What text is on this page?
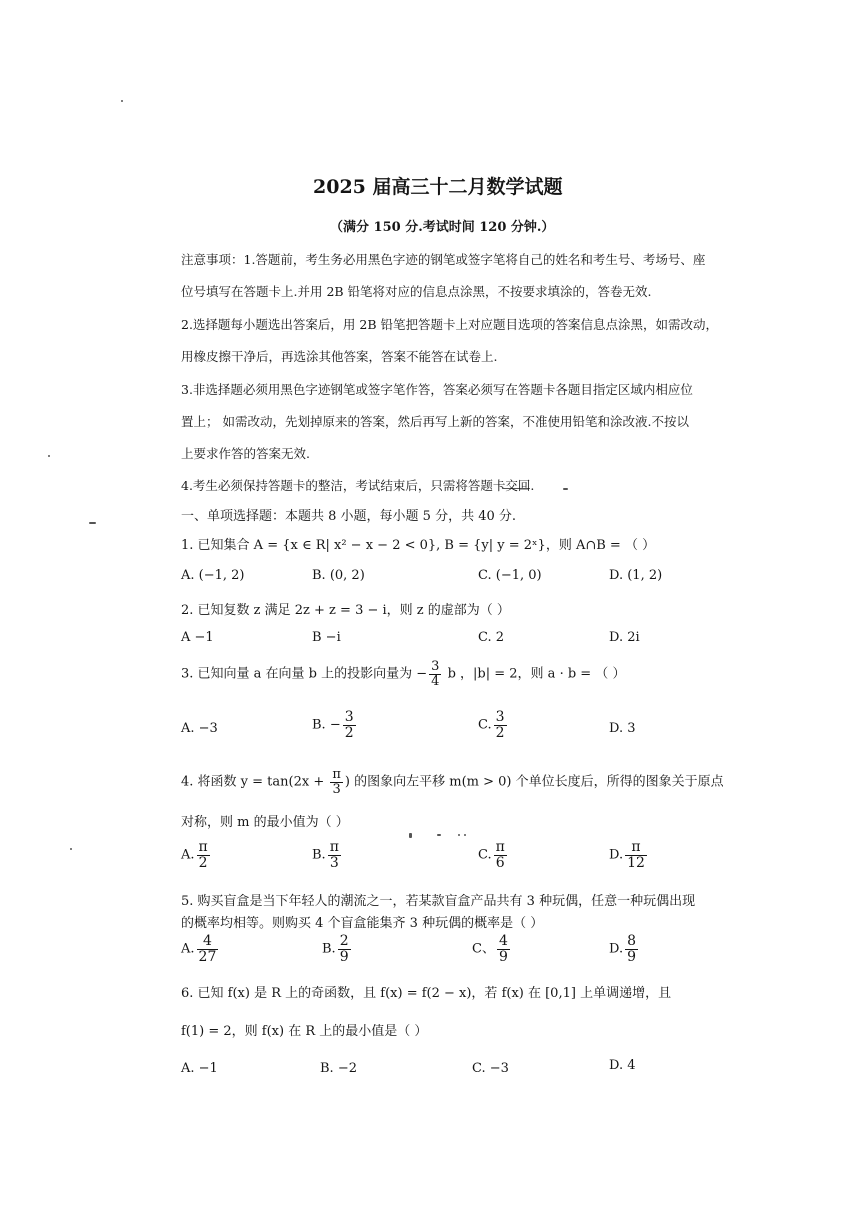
2025 届高三十二月数学试题
（满分 150 分.考试时间 120 分钟.）
注意事项：1.答题前，考生务必用黑色字迹的钢笔或签字笔将自己的姓名和考生号、考场号、座
位号填写在答题卡上.并用 2B 铅笔将对应的信息点涂黑，不按要求填涂的，答卷无效.
2.选择题每小题选出答案后，用 2B 铅笔把答题卡上对应题目选项的答案信息点涂黑，如需改动，
用橡皮擦干净后，再选涂其他答案，答案不能答在试卷上.
3.非选择题必须用黑色字迹钢笔或签字笔作答，答案必须写在答题卡各题目指定区域内相应位
置上； 如需改动，先划掉原来的答案，然后再写上新的答案，不准使用铅笔和涂改液.不按以
上要求作答的答案无效.
4.考生必须保持答题卡的整洁，考试结束后，只需将答题卡交回.
一、单项选择题：本题共 8 小题，每小题 5 分，共 40 分.
1. 已知集合 A = {x ∈ R| x² − x − 2 < 0}, B = {y| y = 2ˣ}，则 A∩B = （ ）
A. (−1, 2)	B. (0, 2)	C. (−1, 0)	D. (1, 2)
2. 已知复数 z 满足 2z + z = 3 − i，则 z 的虚部为（ ）
A −1	B −i	C. 2	D. 2i
3. 已知向量 a 在向量 b 上的投影向量为 − $\frac{3}{4}$ b ，|b| = 2，则 a · b = （ ）
A. −3	B. − $\frac{3}{2}$	C. $\frac{3}{2}$	D. 3
4. 将函数 $y = \tan(2x + \frac{\pi}{3}$ ) 的图象向左平移 m(m > 0) 个单位长度后，所得的图象关于原点
对称，则 m 的最小值为（ ）
A. $\frac{\pi}{2}$	B. $\frac{\pi}{3}$	C. $\frac{\pi}{6}$	D. $\frac{\pi}{12}$
5. 购买盲盒是当下年轻人的潮流之一，若某款盲盒产品共有 3 种玩偶，任意一种玩偶出现
的概率均相等。则购买 4 个盲盒能集齐 3 种玩偶的概率是（ ）
A. $\frac{4}{27}$	B. $\frac{2}{9}$	C、 $\frac{4}{9}$	D. $\frac{8}{9}$
6. 已知 f(x) 是 R 上的奇函数，且 f(x) = f(2 − x)，若 f(x) 在 [0,1] 上单调递增，且
f(1) = 2，则 f(x) 在 R 上的最小值是（ ）
A. −1	B. −2	C. −3	D. 4
